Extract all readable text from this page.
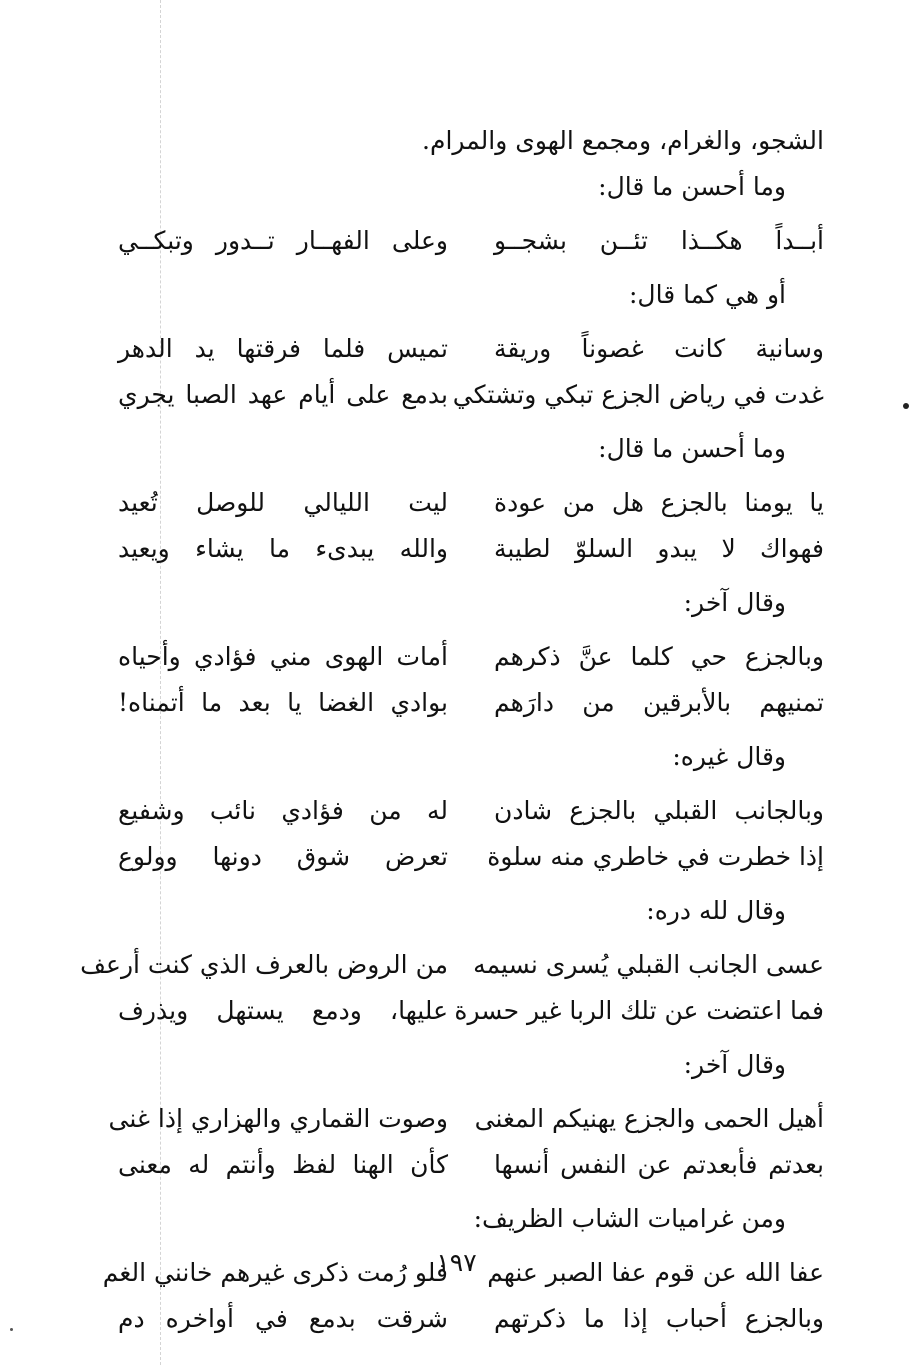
الشجو، والغرام، ومجمع الهوى والمرام.
وما أحسن ما قال:
أبــداً هكــذا تئــن بشجــو
وعلى الفهــار تــدور وتبكــي
أو هي كما قال:
وسانية كانت غصوناً وريقة
تميس فلما فرقتها يد الدهر
غدت في رياض الجزع تبكي وتشتكي
بدمع على أيام عهد الصبا يجري
وما أحسن ما قال:
يا يومنا بالجزع هل من عودة
ليت الليالي للوصل تُعيد
فهواك لا يبدو السلوّ لطيبة
والله يبدىء ما يشاء ويعيد
وقال آخر:
وبالجزع حي كلما عنَّ ذكرهم
أمات الهوى مني فؤادي وأحياه
تمنيهم بالأبرقين من دارَهم
بوادي الغضا يا بعد ما أتمناه!
وقال غيره:
وبالجانب القبلي بالجزع شادن
له من فؤادي نائب وشفيع
إذا خطرت في خاطري منه سلوة
تعرض شوق دونها وولوع
وقال لله دره:
عسى الجانب القبلي يُسرى نسيمه
من الروض بالعرف الذي كنت أرعف
فما اعتضت عن تلك الربا غير حسرة
عليها، ودمع يستهل ويذرف
وقال آخر:
أهيل الحمى والجزع يهنيكم المغنى
وصوت القماري والهزاري إذا غنى
بعدتم فأبعدتم عن النفس أنسها
كأن الهنا لفظ وأنتم له معنى
ومن غراميات الشاب الظريف:
عفا الله عن قوم عفا الصبر عنهم
فلو رُمت ذكرى غيرهم خانني الغم
وبالجزع أحباب إذا ما ذكرتهم
شرقت بدمع في أواخره دم
١٩٧
